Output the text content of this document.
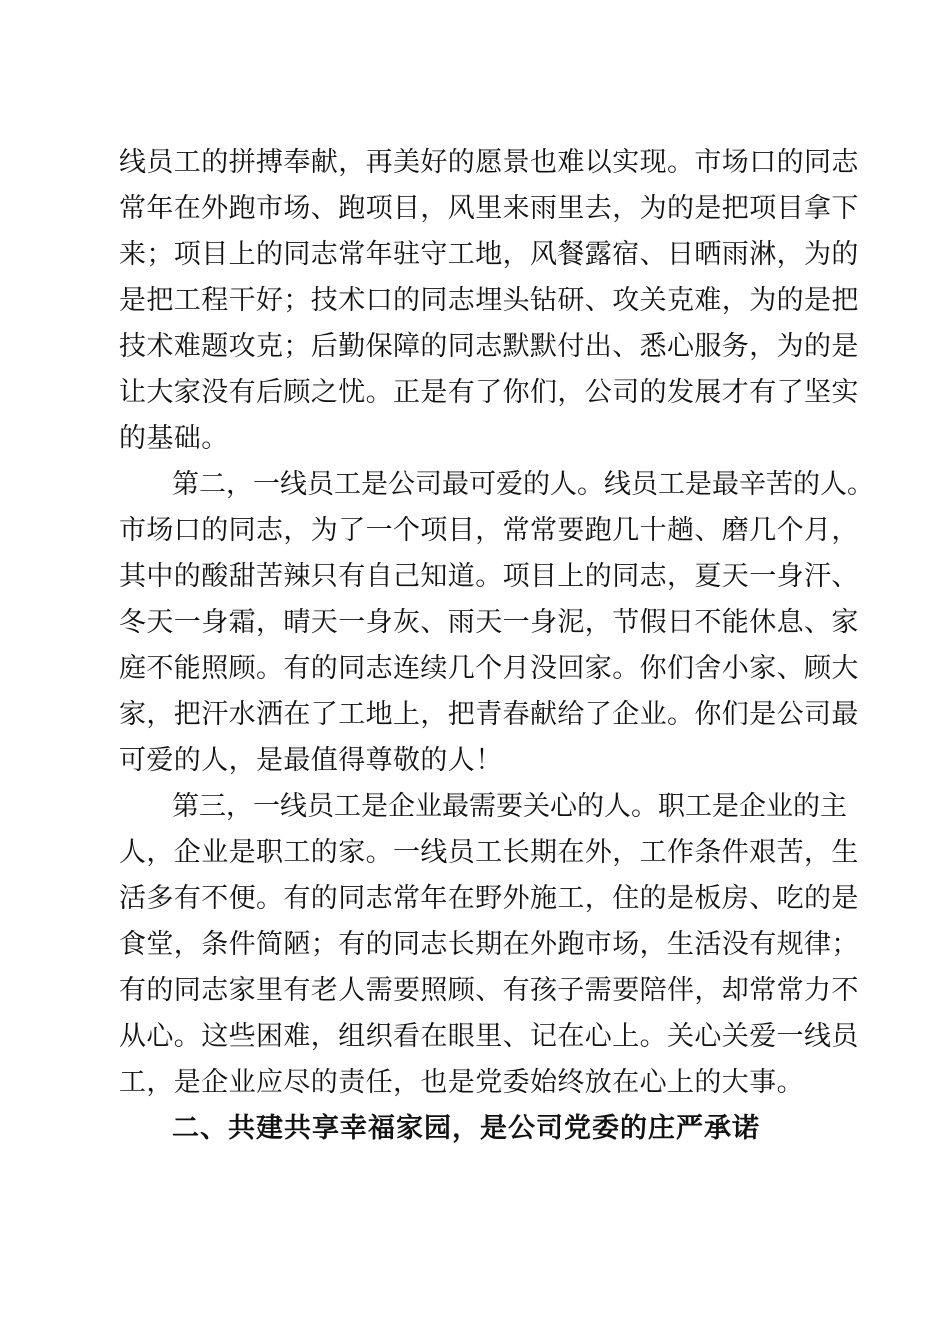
线员工的拼搏奉献，再美好的愿景也难以实现。市场口的同志
常年在外跑市场、跑项目，风里来雨里去，为的是把项目拿下
来；项目上的同志常年驻守工地，风餐露宿、日晒雨淋，为的
是把工程干好；技术口的同志埋头钻研、攻关克难，为的是把
技术难题攻克；后勤保障的同志默默付出、悉心服务，为的是
让大家没有后顾之忧。正是有了你们，公司的发展才有了坚实
的基础。
第二，一线员工是公司最可爱的人。线员工是最辛苦的人。
市场口的同志，为了一个项目，常常要跑几十趟、磨几个月，
其中的酸甜苦辣只有自己知道。项目上的同志，夏天一身汗、
冬天一身霜，晴天一身灰、雨天一身泥，节假日不能休息、家
庭不能照顾。有的同志连续几个月没回家。你们舍小家、顾大
家，把汗水洒在了工地上，把青春献给了企业。你们是公司最
可爱的人，是最值得尊敬的人！
第三，一线员工是企业最需要关心的人。职工是企业的主
人，企业是职工的家。一线员工长期在外，工作条件艰苦，生
活多有不便。有的同志常年在野外施工，住的是板房、吃的是
食堂，条件简陋；有的同志长期在外跑市场，生活没有规律；
有的同志家里有老人需要照顾、有孩子需要陪伴，却常常力不
从心。这些困难，组织看在眼里、记在心上。关心关爱一线员
工，是企业应尽的责任，也是党委始终放在心上的大事。
二、共建共享幸福家园，是公司党委的庄严承诺
